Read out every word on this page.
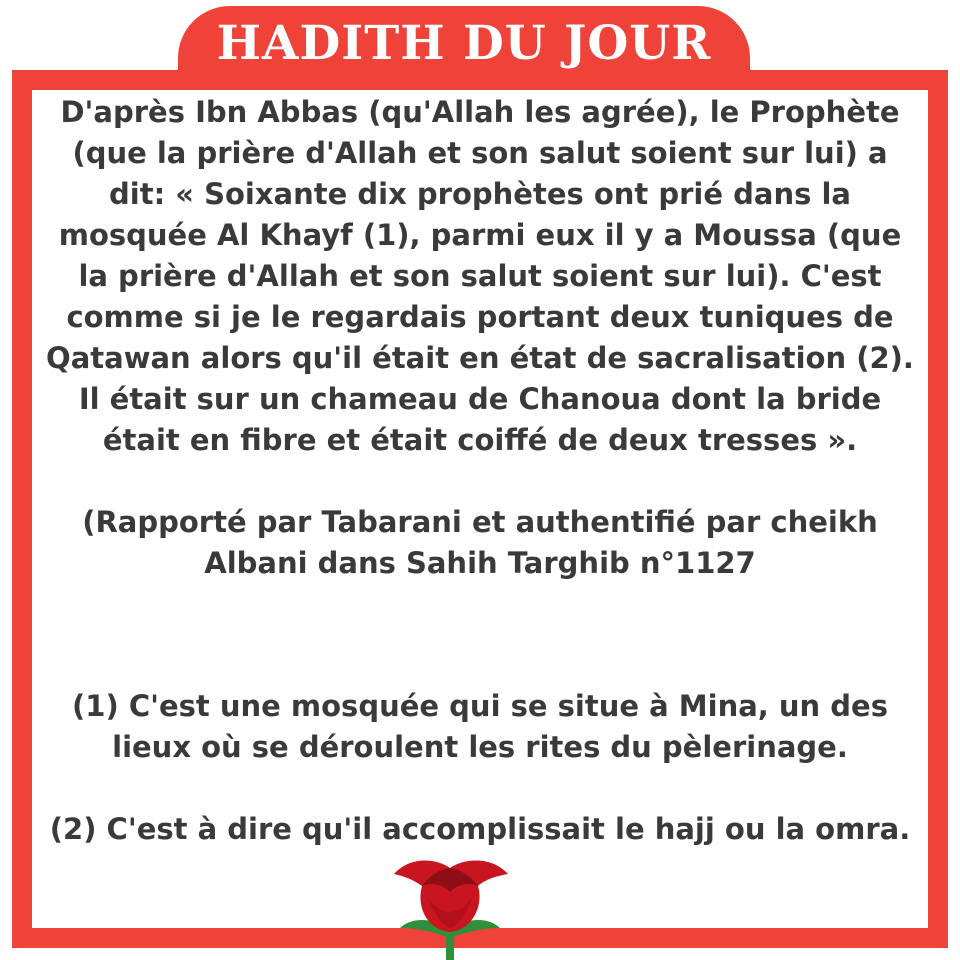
HADITH DU JOUR

D'après Ibn Abbas (qu'Allah les agrée), le Prophète (que la prière d'Allah et son salut soient sur lui) a dit: « Soixante dix prophètes ont prié dans la mosquée Al Khayf (1), parmi eux il y a Moussa (que la prière d'Allah et son salut soient sur lui). C'est comme si je le regardais portant deux tuniques de Qatawan alors qu'il était en état de sacralisation (2). Il était sur un chameau de Chanoua dont la bride était en fibre et était coiffé de deux tresses ».

(Rapporté par Tabarani et authentifié par cheikh Albani dans Sahih Targhib n°1127

(1) C'est une mosquée qui se situe à Mina, un des lieux où se déroulent les rites du pèlerinage.

(2) C'est à dire qu'il accomplissait le hajj ou la omra.
